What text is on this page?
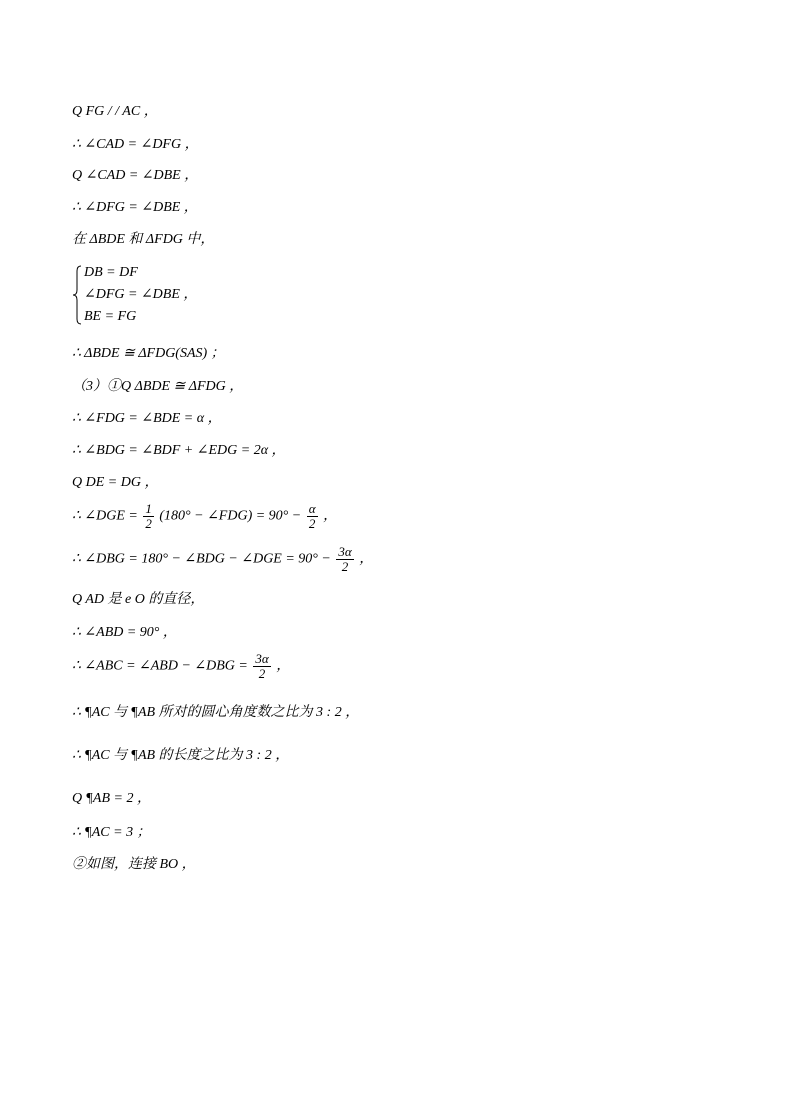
Q FG / / AC ，
∴ ∠CAD = ∠DFG ，
Q ∠CAD = ∠DBE ，
∴ ∠DFG = ∠DBE ，
在 ΔBDE 和 ΔFDG 中，
DB = DF
∠DFG = ∠DBE ，
BE = FG
∴ ΔBDE ≅ ΔFDG(SAS) ；
（3）①Q ΔBDE ≅ ΔFDG ，
∴ ∠FDG = ∠BDE = α ，
∴ ∠BDG = ∠BDF + ∠EDG = 2α ，
Q DE = DG ，
∴ ∠DGE = $\frac{1}{2} (180^\circ$ − ∠FDG) = $90^\circ - \frac{\alpha}{2}$ ，
∴ ∠DBG = 180° − ∠BDG − ∠DGE = $90^\circ - \frac{3\alpha}{2}$ ，
Q AD 是 e O 的直径，
∴ ∠ABD = 90° ，
∴ ∠ABC = ∠ABD − ∠DBG = $\frac{3\alpha}{2}$ ，
∴ ¶AC 与 ¶AB 所对的圆心角度数之比为 3 : 2 ，
∴ ¶AC 与 ¶AB 的长度之比为 3 : 2 ，
Q ¶AB = 2 ，
∴ ¶AC = 3 ；
②如图，连接 BO ，
